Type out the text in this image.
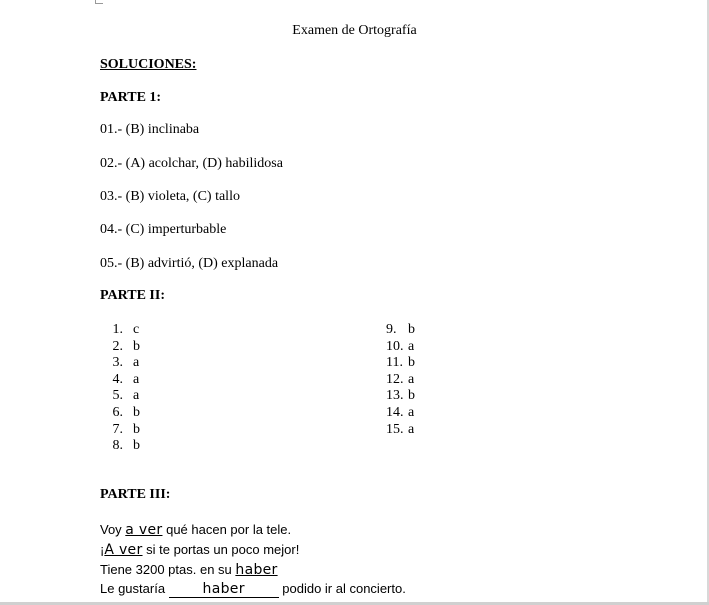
Examen de Ortografía
SOLUCIONES:
PARTE 1:
01.- (B) inclinaba
02.- (A) acolchar, (D) habilidosa
03.- (B) violeta, (C) tallo
04.- (C) imperturbable
05.- (B) advirtió, (D) explanada
PARTE II:
1. c
2. b
3. a
4. a
5. a
6. b
7. b
8. b
9. b
10. a
11. b
12. a
13. b
14. a
15. a
PARTE III:
Voy a ver qué hacen por la tele.
¡A ver si te portas un poco mejor!
Tiene 3200 ptas. en su haber
Le gustaría haber	podido ir al concierto.
